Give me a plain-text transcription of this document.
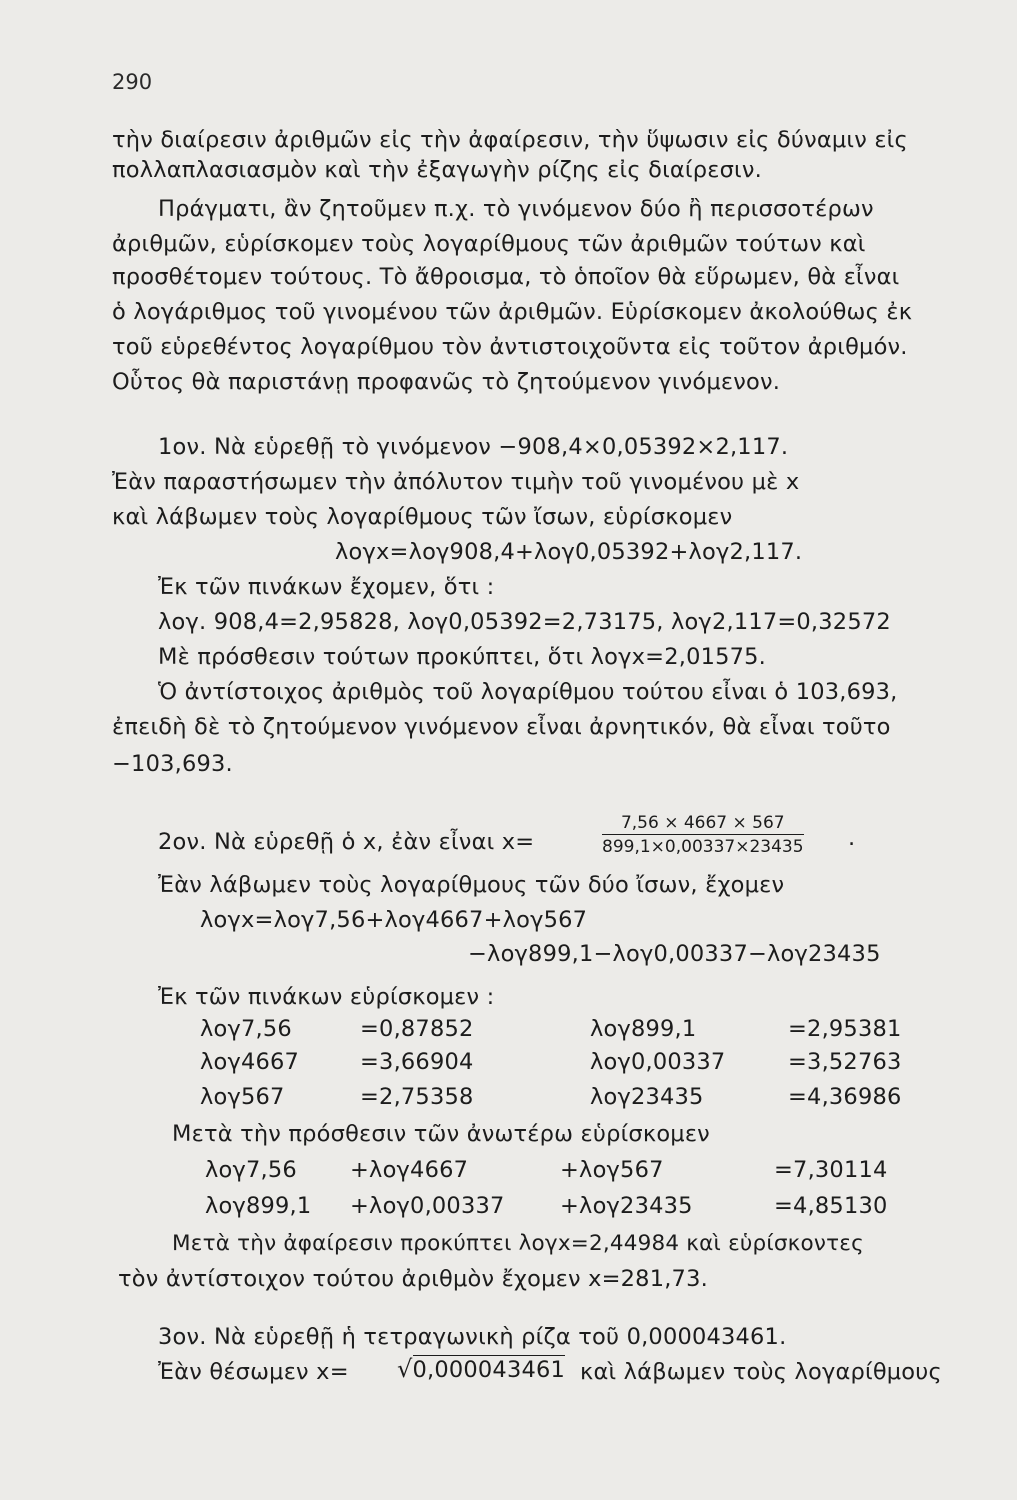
290
τὴν διαίρεσιν ἀριθμῶν εἰς τὴν ἀφαίρεσιν, τὴν ὕψωσιν εἰς δύναμιν εἰς
πολλαπλασιασμὸν καὶ τὴν ἐξαγωγὴν ρίζης εἰς διαίρεσιν.
Πράγματι, ἂν ζητοῦμεν π.χ. τὸ γινόμενον δύο ἢ περισσοτέρων
ἀριθμῶν, εὑρίσκομεν τοὺς λογαρίθμους τῶν ἀριθμῶν τούτων καὶ
προσθέτομεν τούτους. Τὸ ἄθροισμα, τὸ ὁποῖον θὰ εὕρωμεν, θὰ εἶναι
ὁ λογάριθμος τοῦ γινομένου τῶν ἀριθμῶν. Εὑρίσκομεν ἀκολούθως ἐκ
τοῦ εὑρεθέντος λογαρίθμου τὸν ἀντιστοιχοῦντα εἰς τοῦτον ἀριθμόν.
Οὗτος θὰ παριστάνῃ προφανῶς τὸ ζητούμενον γινόμενον.
1ον. Νὰ εὑρεθῇ τὸ γινόμενον −908,4×0,05392×2,117.
Ἐὰν παραστήσωμεν τὴν ἀπόλυτον τιμὴν τοῦ γινομένου μὲ x
καὶ λάβωμεν τοὺς λογαρίθμους τῶν ἴσων, εὑρίσκομεν
λογx=λογ908,4+λογ0,05392+λογ2,117.
Ἐκ τῶν πινάκων ἔχομεν, ὅτι :
λογ. 908,4=2,95828, λογ0,05392=2,73175, λογ2,117=0,32572
Μὲ πρόσθεσιν τούτων προκύπτει, ὅτι λογx=2,01575.
Ὁ ἀντίστοιχος ἀριθμὸς τοῦ λογαρίθμου τούτου εἶναι ὁ 103,693,
ἐπειδὴ δὲ τὸ ζητούμενον γινόμενον εἶναι ἀρνητικόν, θὰ εἶναι τοῦτο
−103,693.
2ον. Νὰ εὑρεθῇ ὁ x, ἐὰν εἶναι x=	$\frac{7,56 \times 4667 \times 567}{899,1\times 0,00337\times 23435}$ .
Ἐὰν λάβωμεν τοὺς λογαρίθμους τῶν δύο ἴσων, ἔχομεν
λογx=λογ7,56+λογ4667+λογ567
−λογ899,1−λογ0,00337−λογ23435
Ἐκ τῶν πινάκων εὑρίσκομεν :
λογ7,56	=0,87852	λογ899,1	=2,95381
λογ4667	=3,66904	λογ0,00337	=3,52763
λογ567	=2,75358	λογ23435	=4,36986
Μετὰ τὴν πρόσθεσιν τῶν ἀνωτέρω εὑρίσκομεν
λογ7,56 +λογ4667	+λογ567	=7,30114
λογ899,1 +λογ0,00337 +λογ23435	=4,85130
Μετὰ τὴν ἀφαίρεσιν προκύπτει λογx=2,44984 καὶ εὑρίσκοντες
τὸν ἀντίστοιχον τούτου ἀριθμὸν ἔχομεν x=281,73.
3ον. Νὰ εὑρεθῇ ἡ τετραγωνικὴ ρίζα τοῦ 0,000043461.
Ἐὰν θέσωμεν x= √0,000043461 καὶ λάβωμεν τοὺς λογαρίθμους
